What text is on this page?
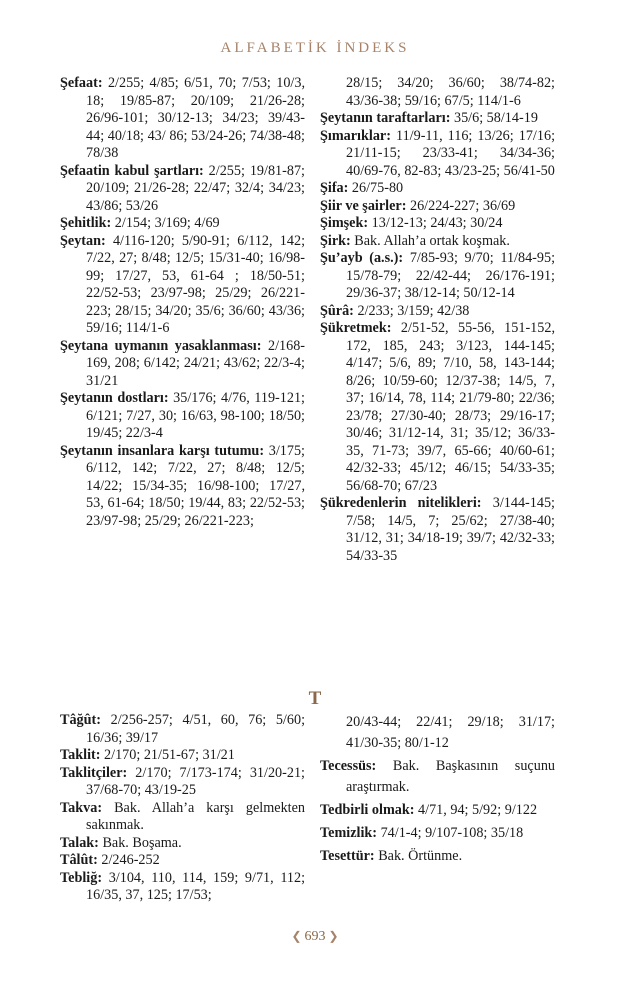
ALFABETİK İNDEKS

Şefaat: 2/255; 4/85; 6/51, 70; 7/53; 10/3, 18; 19/85-87; 20/109; 21/26-28; 26/96-101; 30/12-13; 34/23; 39/43-44; 40/18; 43/ 86; 53/24-26; 74/38-48; 78/38

Şefaatin kabul şartları: 2/255; 19/81-87; 20/109; 21/26-28; 22/47; 32/4; 34/23; 43/86; 53/26

Şehitlik: 2/154; 3/169; 4/69

Şeytan: 4/116-120; 5/90-91; 6/112, 142; 7/22, 27; 8/48; 12/5; 15/31-40; 16/98-99; 17/27, 53, 61-64 ; 18/50-51; 22/52-53; 23/97-98; 25/29; 26/221-223; 28/15; 34/20; 35/6; 36/60; 43/36; 59/16; 114/1-6

Şeytana uymanın yasaklanması: 2/168-169, 208; 6/142; 24/21; 43/62; 22/3-4; 31/21

Şeytanın dostları: 35/176; 4/76, 119-121; 6/121; 7/27, 30; 16/63, 98-100; 18/50; 19/45; 22/3-4

Şeytanın insanlara karşı tutumu: 3/175; 6/112, 142; 7/22, 27; 8/48; 12/5; 14/22; 15/34-35; 16/98-100; 17/27, 53, 61-64; 18/50; 19/44, 83; 22/52-53; 23/97-98; 25/29; 26/221-223;

28/15; 34/20; 36/60; 38/74-82; 43/36-38; 59/16; 67/5; 114/1-6

Şeytanın taraftarları: 35/6; 58/14-19

Şımarıklar: 11/9-11, 116; 13/26; 17/16; 21/11-15; 23/33-41; 34/34-36; 40/69-76, 82-83; 43/23-25; 56/41-50

Şifa: 26/75-80

Şiir ve şairler: 26/224-227; 36/69

Şimşek: 13/12-13; 24/43; 30/24

Şirk: Bak. Allah’a ortak koşmak.

Şu’ayb (a.s.): 7/85-93; 9/70; 11/84-95; 15/78-79; 22/42-44; 26/176-191; 29/36-37; 38/12-14; 50/12-14

Şûrâ: 2/233; 3/159; 42/38

Şükretmek: 2/51-52, 55-56, 151-152, 172, 185, 243; 3/123, 144-145; 4/147; 5/6, 89; 7/10, 58, 143-144; 8/26; 10/59-60; 12/37-38; 14/5, 7, 37; 16/14, 78, 114; 21/79-80; 22/36; 23/78; 27/30-40; 28/73; 29/16-17; 30/46; 31/12-14, 31; 35/12; 36/33-35, 71-73; 39/7, 65-66; 40/60-61; 42/32-33; 45/12; 46/15; 54/33-35; 56/68-70; 67/23

Şükredenlerin nitelikleri: 3/144-145; 7/58; 14/5, 7; 25/62; 27/38-40; 31/12, 31; 34/18-19; 39/7; 42/32-33; 54/33-35

T

Tâğût: 2/256-257; 4/51, 60, 76; 5/60; 16/36; 39/17

Taklit: 2/170; 21/51-67; 31/21

Taklitçiler: 2/170; 7/173-174; 31/20-21; 37/68-70; 43/19-25

Takva: Bak. Allah’a karşı gelmekten sakınmak.

Talak: Bak. Boşama.

Tâlût: 2/246-252

Tebliğ: 3/104, 110, 114, 159; 9/71, 112; 16/35, 37, 125; 17/53;

20/43-44; 22/41; 29/18; 31/17; 41/30-35; 80/1-12

Tecessüs: Bak. Başkasının suçunu araştırmak.

Tedbirli olmak: 4/71, 94; 5/92; 9/122

Temizlik: 74/1-4; 9/107-108; 35/18

Tesettür: Bak. Örtünme.

❮ 693 ❯
